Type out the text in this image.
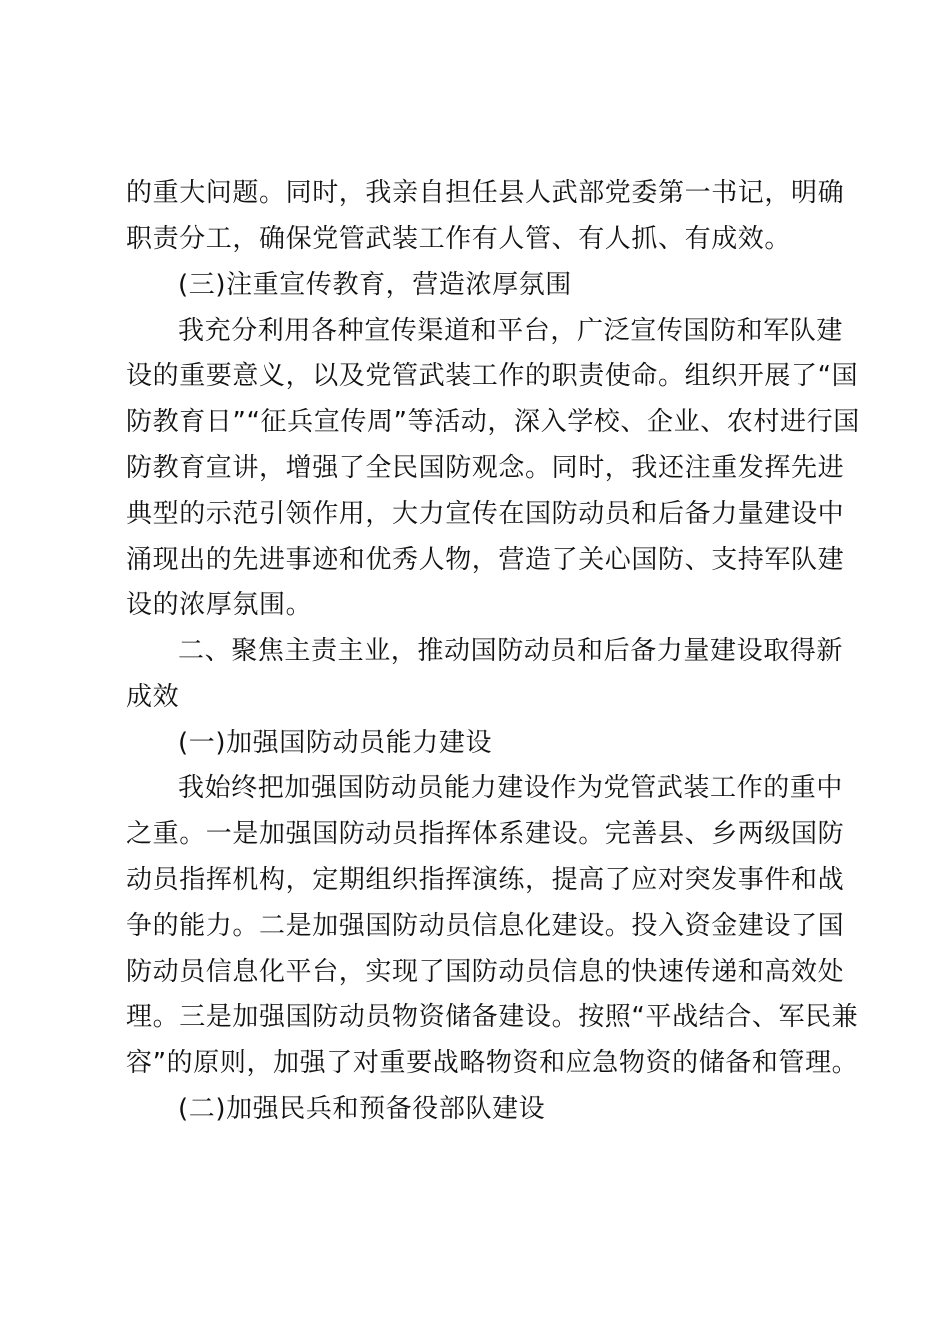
的重大问题。同时，我亲自担任县人武部党委第一书记，明确
职责分工，确保党管武装工作有人管、有人抓、有成效。
(三)注重宣传教育，营造浓厚氛围
我充分利用各种宣传渠道和平台，广泛宣传国防和军队建
设的重要意义，以及党管武装工作的职责使命。组织开展了“国
防教育日”“征兵宣传周”等活动，深入学校、企业、农村进行国
防教育宣讲，增强了全民国防观念。同时，我还注重发挥先进
典型的示范引领作用，大力宣传在国防动员和后备力量建设中
涌现出的先进事迹和优秀人物，营造了关心国防、支持军队建
设的浓厚氛围。
二、聚焦主责主业，推动国防动员和后备力量建设取得新
成效
(一)加强国防动员能力建设
我始终把加强国防动员能力建设作为党管武装工作的重中
之重。一是加强国防动员指挥体系建设。完善县、乡两级国防
动员指挥机构，定期组织指挥演练，提高了应对突发事件和战
争的能力。二是加强国防动员信息化建设。投入资金建设了国
防动员信息化平台，实现了国防动员信息的快速传递和高效处
理。三是加强国防动员物资储备建设。按照“平战结合、军民兼
容”的原则，加强了对重要战略物资和应急物资的储备和管理。
(二)加强民兵和预备役部队建设
